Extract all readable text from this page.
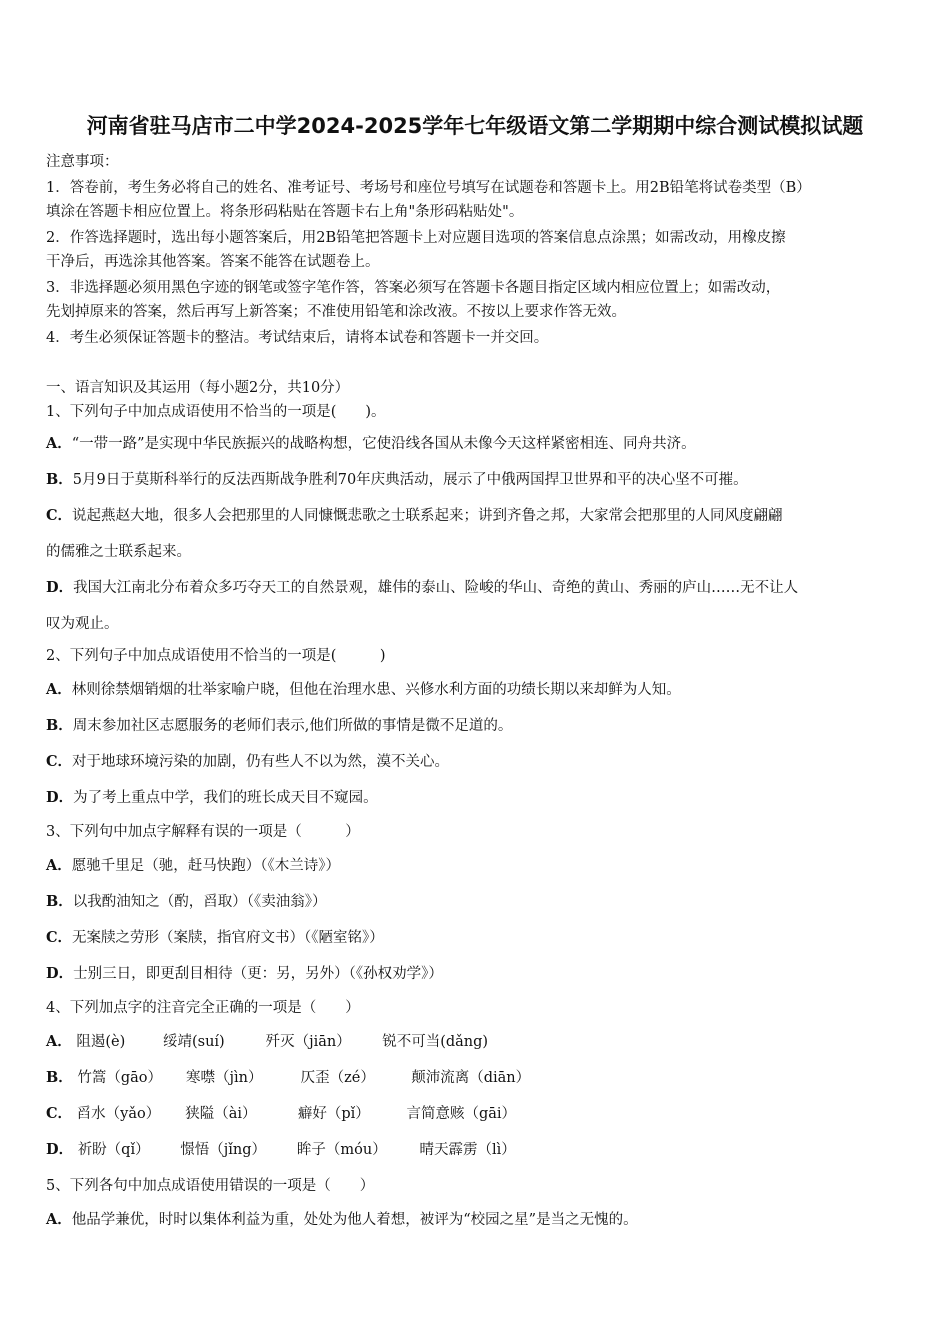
河南省驻马店市二中学2024-2025学年七年级语文第二学期期中综合测试模拟试题
注意事项：
1．答卷前，考生务必将自己的姓名、准考证号、考场号和座位号填写在试题卷和答题卡上。用2B铅笔将试卷类型（B）
填涂在答题卡相应位置上。将条形码粘贴在答题卡右上角"条形码粘贴处"。
2．作答选择题时，选出每小题答案后，用2B铅笔把答题卡上对应题目选项的答案信息点涂黑；如需改动，用橡皮擦
干净后，再选涂其他答案。答案不能答在试题卷上。
3．非选择题必须用黑色字迹的钢笔或签字笔作答，答案必须写在答题卡各题目指定区域内相应位置上；如需改动，
先划掉原来的答案，然后再写上新答案；不准使用铅笔和涂改液。不按以上要求作答无效。
4．考生必须保证答题卡的整洁。考试结束后，请将本试卷和答题卡一并交回。
一、语言知识及其运用（每小题2分，共10分）
1、下列句子中加点成语使用不恰当的一项是(　　)。
A．“一带一路”是实现中华民族振兴的战略构想，它使沿线各国从未像今天这样紧密相连、同舟共济。
B．5月9日于莫斯科举行的反法西斯战争胜利70年庆典活动，展示了中俄两国捍卫世界和平的决心坚不可摧。
C．说起燕赵大地，很多人会把那里的人同慷慨悲歌之士联系起来；讲到齐鲁之邦，大家常会把那里的人同风度翩翩
的儒雅之士联系起来。
D．我国大江南北分布着众多巧夺天工的自然景观，雄伟的泰山、险峻的华山、奇绝的黄山、秀丽的庐山……无不让人
叹为观止。
2、下列句子中加点成语使用不恰当的一项是(　　　)
A．林则徐禁烟销烟的壮举家喻户晓，但他在治理水患、兴修水利方面的功绩长期以来却鲜为人知。
B．周末参加社区志愿服务的老师们表示,他们所做的事情是微不足道的。
C．对于地球环境污染的加剧，仍有些人不以为然，漠不关心。
D．为了考上重点中学，我们的班长成天目不窥园。
3、下列句中加点字解释有误的一项是（　　　）
A．愿驰千里足（驰，赶马快跑）（《木兰诗》）
B．以我酌油知之（酌，舀取）（《卖油翁》）
C．无案牍之劳形（案牍，指官府文书）（《陋室铭》）
D．士别三日，即更刮目相待（更：另，另外）（《孙权劝学》）
4、下列加点字的注音完全正确的一项是（　　）
A． 阻遏(è)	绥靖(suí)	歼灭（jiān） 锐不可当(dǎng)
B． 竹篙（gāo） 寒噤（jìn）	仄歪（zé）	颠沛流离（diān）
C． 舀水（yǎo） 狭隘（ài）	癖好（pǐ）	言简意赅（gāi）
D． 祈盼（qǐ） 憬悟（jǐng） 眸子（móu） 晴天霹雳（lì）
5、下列各句中加点成语使用错误的一项是（　　）
A．他品学兼优，时时以集体利益为重，处处为他人着想，被评为“校园之星”是当之无愧的。
